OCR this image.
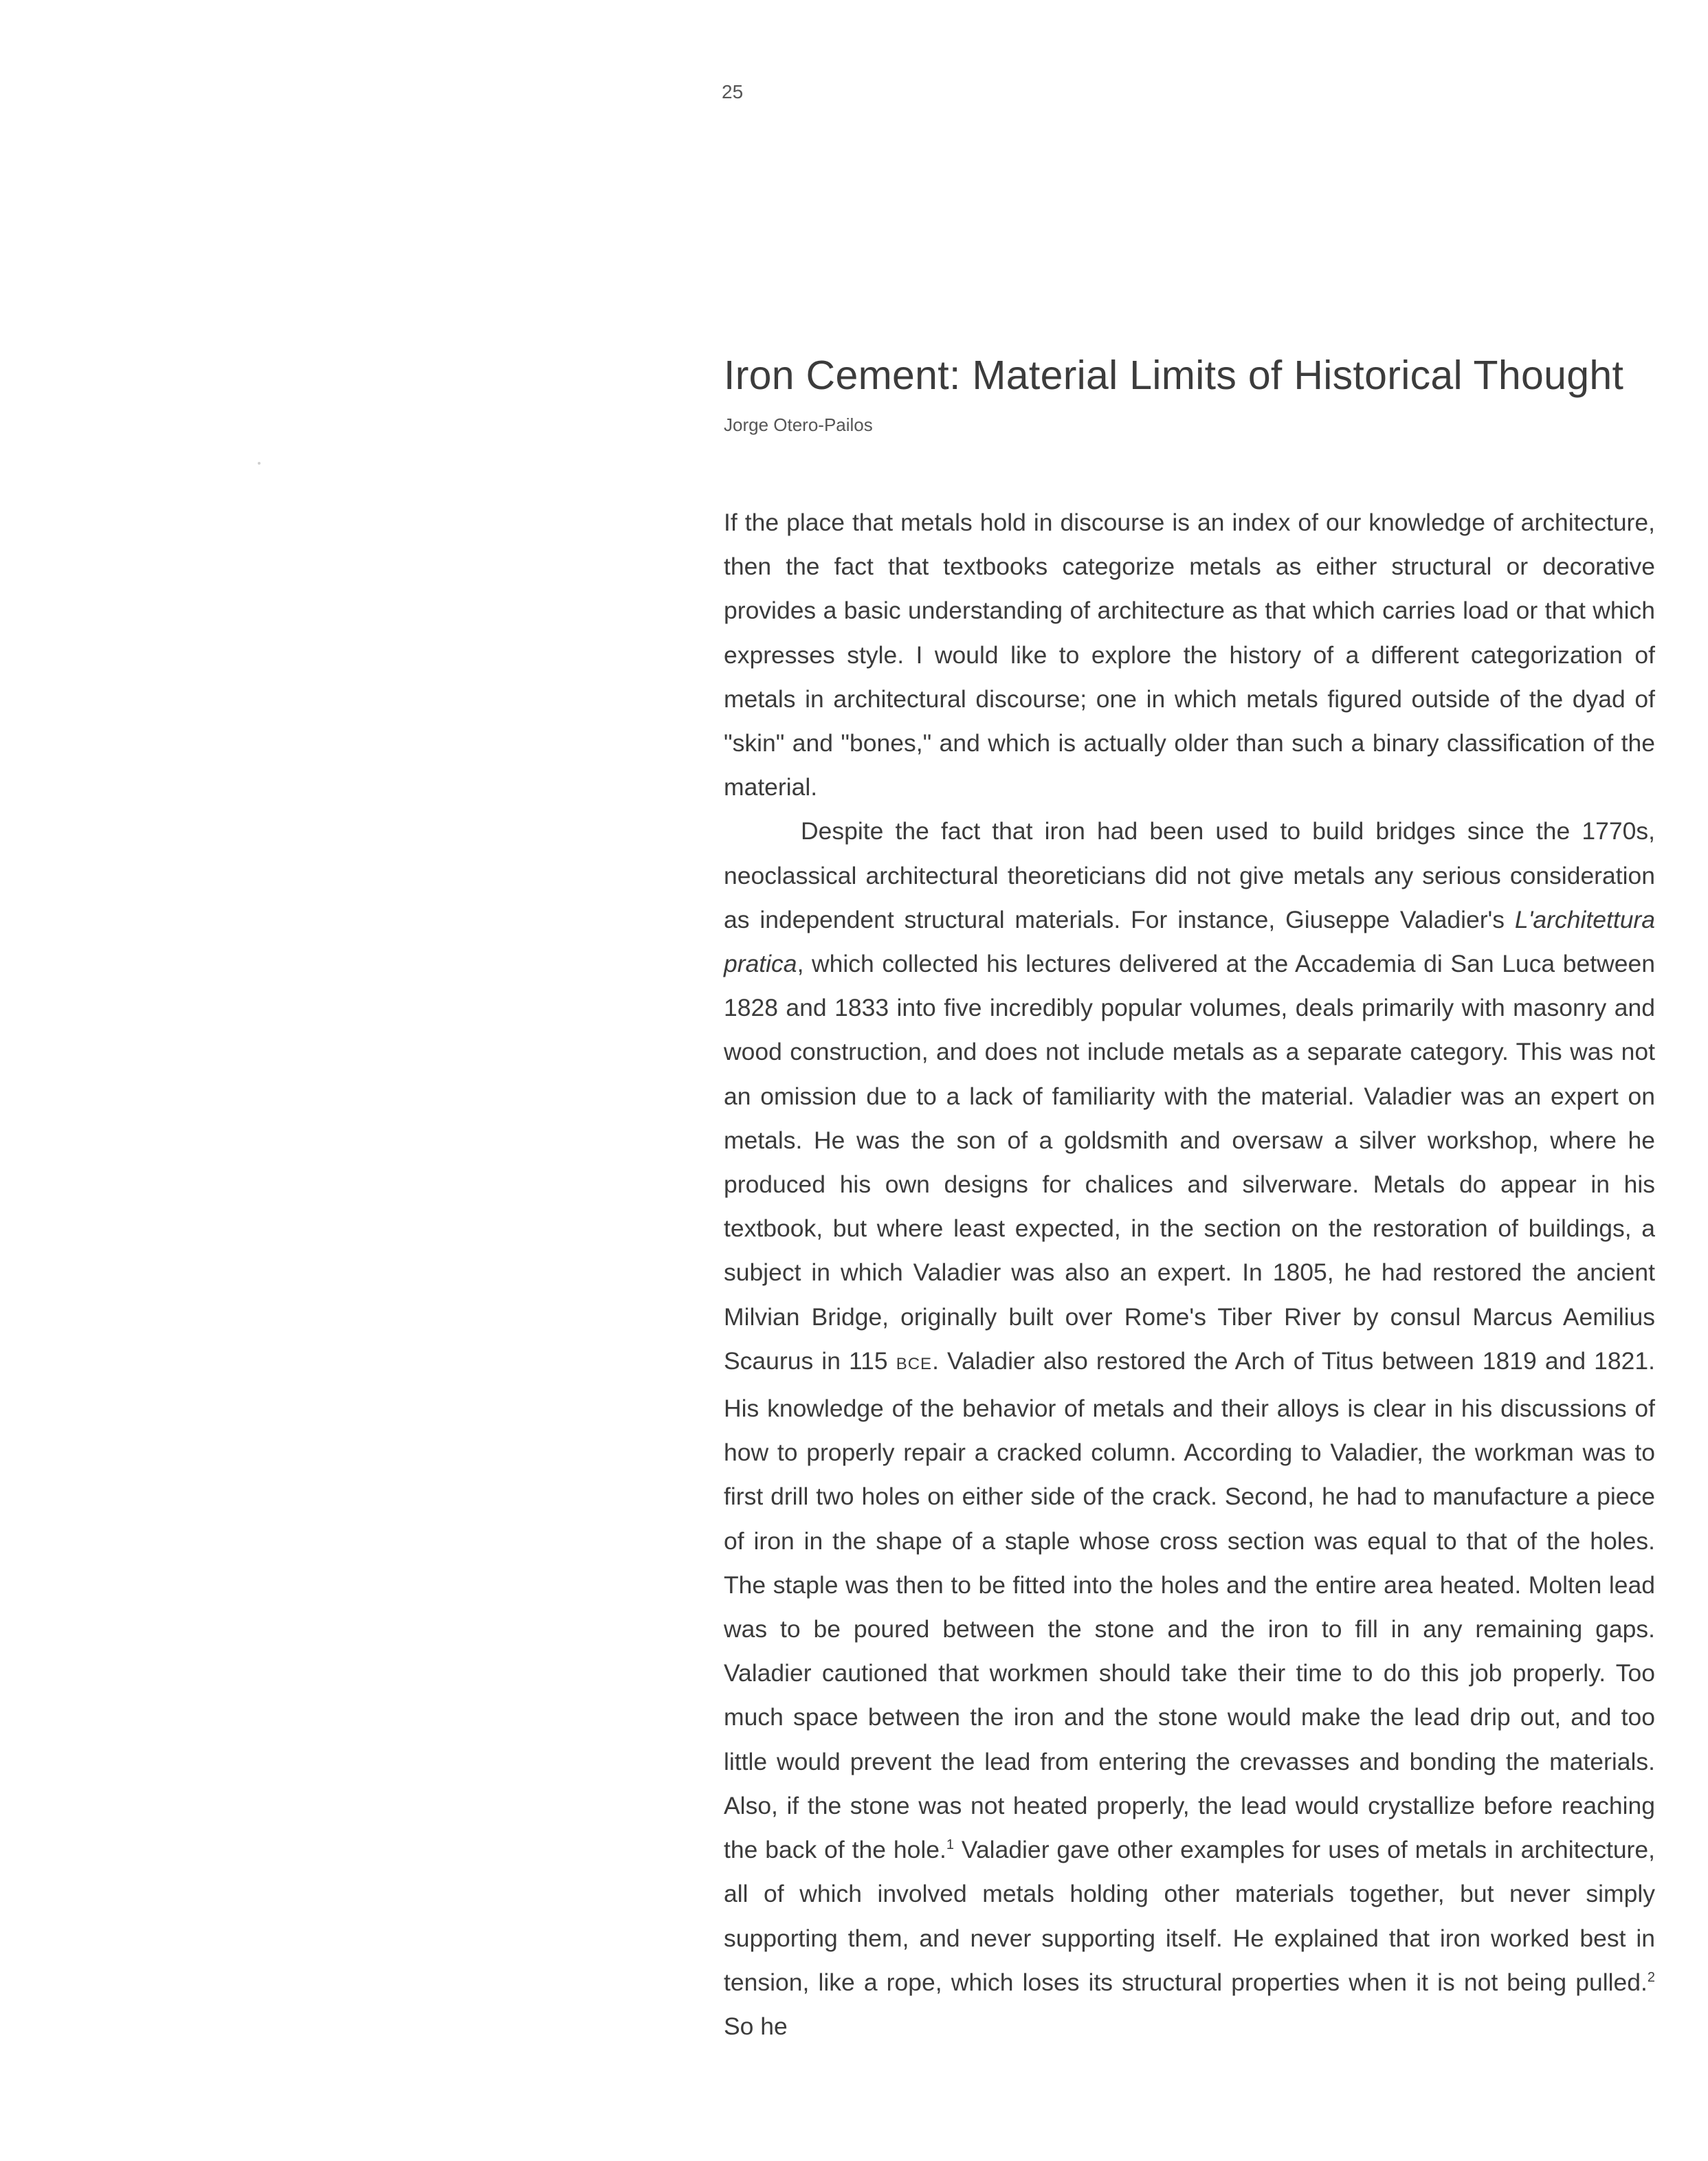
25
Iron Cement: Material Limits of Historical Thought
Jorge Otero-Pailos

If the place that metals hold in discourse is an index of our knowledge of architecture, then the fact that textbooks categorize metals as either structural or decorative provides a basic understanding of architecture as that which carries load or that which expresses style. I would like to explore the history of a different categorization of metals in architectural discourse; one in which metals figured outside of the dyad of "skin" and "bones," and which is actually older than such a binary classification of the material.

Despite the fact that iron had been used to build bridges since the 1770s, neoclassical architectural theoreticians did not give metals any serious consideration as independent structural materials. For instance, Giuseppe Valadier's L'architettura pratica, which collected his lectures delivered at the Accademia di San Luca between 1828 and 1833 into five incredibly popular volumes, deals primarily with masonry and wood construction, and does not include metals as a separate category. This was not an omission due to a lack of familiarity with the material. Valadier was an expert on metals. He was the son of a goldsmith and oversaw a silver workshop, where he produced his own designs for chalices and silverware. Metals do appear in his textbook, but where least expected, in the section on the restoration of buildings, a subject in which Valadier was also an expert. In 1805, he had restored the ancient Milvian Bridge, originally built over Rome's Tiber River by consul Marcus Aemilius Scaurus in 115 BCE. Valadier also restored the Arch of Titus between 1819 and 1821. His knowledge of the behavior of metals and their alloys is clear in his discussions of how to properly repair a cracked column. According to Valadier, the workman was to first drill two holes on either side of the crack. Second, he had to manufacture a piece of iron in the shape of a staple whose cross section was equal to that of the holes. The staple was then to be fitted into the holes and the entire area heated. Molten lead was to be poured between the stone and the iron to fill in any remaining gaps. Valadier cautioned that workmen should take their time to do this job properly. Too much space between the iron and the stone would make the lead drip out, and too little would prevent the lead from entering the crevasses and bonding the materials. Also, if the stone was not heated properly, the lead would crystallize before reaching the back of the hole.$^1$ Valadier gave other examples for uses of metals in architecture, all of which involved metals holding other materials together, but never simply supporting them, and never supporting itself. He explained that iron worked best in tension, like a rope, which loses its structural properties when it is not being pulled.$^2$ So he
